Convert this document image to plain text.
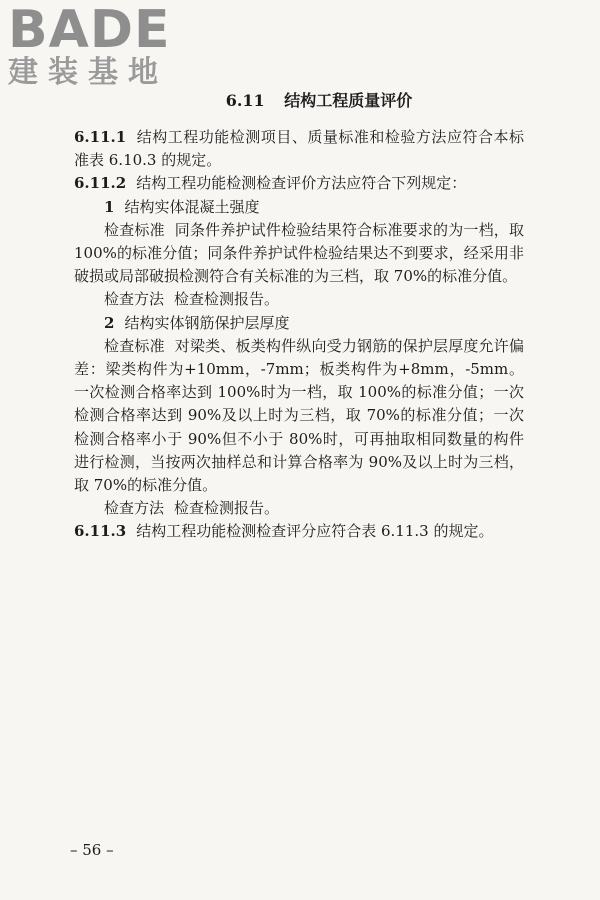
BADE
建装基地
6.11 结构工程质量评价
6.11.1 结构工程功能检测项目、质量标准和检验方法应符合本标准表 6.10.3 的规定。
6.11.2 结构工程功能检测检查评价方法应符合下列规定：
1 结构实体混凝土强度
检查标准 同条件养护试件检验结果符合标准要求的为一档，取 100%的标准分值；同条件养护试件检验结果达不到要求，经采用非破损或局部破损检测符合有关标准的为三档，取 70%的标准分值。
检查方法 检查检测报告。
2 结构实体钢筋保护层厚度
检查标准 对梁类、板类构件纵向受力钢筋的保护层厚度允许偏差：梁类构件为+10mm，-7mm；板类构件为+8mm，-5mm。一次检测合格率达到 100%时为一档，取 100%的标准分值；一次检测合格率达到 90%及以上时为三档，取 70%的标准分值；一次检测合格率小于 90%但不小于 80%时，可再抽取相同数量的构件进行检测，当按两次抽样总和计算合格率为 90%及以上时为三档，取 70%的标准分值。
检查方法 检查检测报告。
6.11.3 结构工程功能检测检查评分应符合表 6.11.3 的规定。
– 56 –
